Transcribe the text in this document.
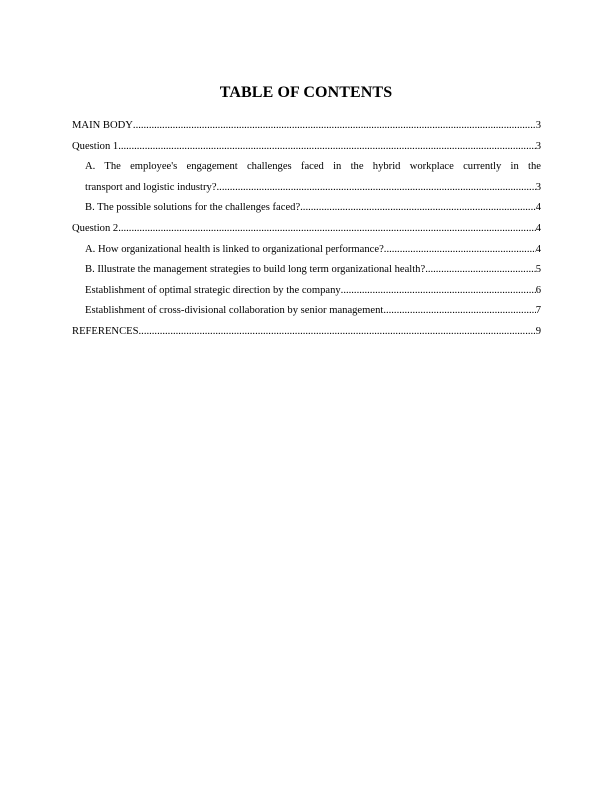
TABLE OF CONTENTS
MAIN BODY .....	3
Question 1 .....	3
A. The employee's engagement challenges faced in the hybrid workplace currently in the
transport and logistic industry? .....	3
B. The possible solutions for the challenges faced? .....	4
Question 2 .....	4
A. How organizational health is linked to organizational performance? .....	4
B. Illustrate the management strategies to build long term organizational health? .....	5
Establishment of optimal strategic direction by the company .....	6
Establishment of cross-divisional collaboration by senior management .....	7
REFERENCES .....	9
